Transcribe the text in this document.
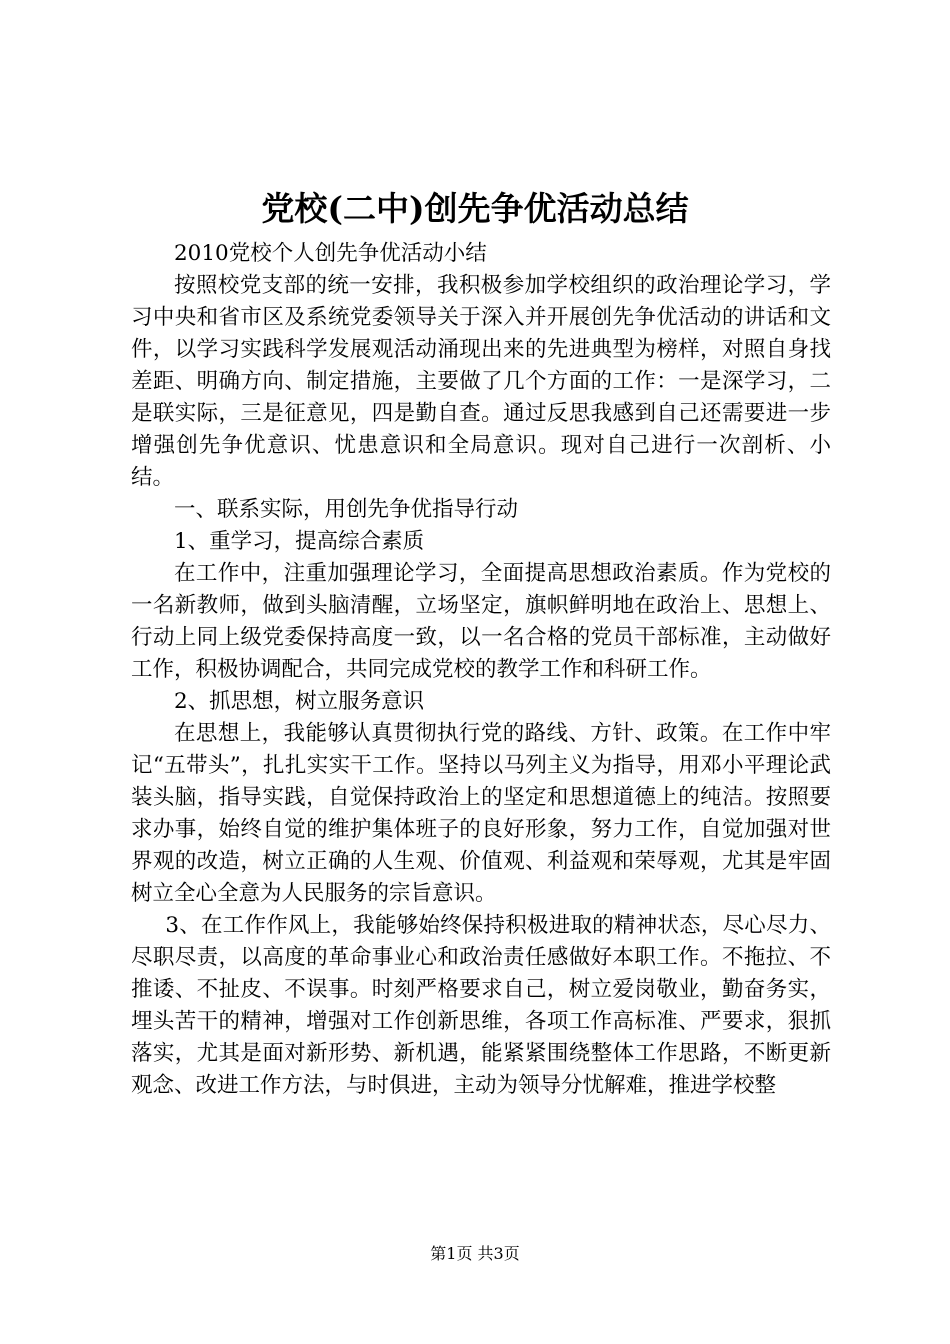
党校(二中)创先争优活动总结

2010党校个人创先争优活动小结

按照校党支部的统一安排，我积极参加学校组织的政治理论学习，学习中央和省市区及系统党委领导关于深入并开展创先争优活动的讲话和文件，以学习实践科学发展观活动涌现出来的先进典型为榜样，对照自身找差距、明确方向、制定措施，主要做了几个方面的工作：一是深学习，二是联实际，三是征意见，四是勤自查。通过反思我感到自己还需要进一步增强创先争优意识、忧患意识和全局意识。现对自己进行一次剖析、小结。

一、联系实际，用创先争优指导行动

1、重学习，提高综合素质

在工作中，注重加强理论学习，全面提高思想政治素质。作为党校的一名新教师，做到头脑清醒，立场坚定，旗帜鲜明地在政治上、思想上、行动上同上级党委保持高度一致，以一名合格的党员干部标准，主动做好工作，积极协调配合，共同完成党校的教学工作和科研工作。

2、抓思想，树立服务意识

在思想上，我能够认真贯彻执行党的路线、方针、政策。在工作中牢记“五带头”，扎扎实实干工作。坚持以马列主义为指导，用邓小平理论武装头脑，指导实践，自觉保持政治上的坚定和思想道德上的纯洁。按照要求办事，始终自觉的维护集体班子的良好形象，努力工作，自觉加强对世界观的改造，树立正确的人生观、价值观、利益观和荣辱观，尤其是牢固树立全心全意为人民服务的宗旨意识。

3、在工作作风上，我能够始终保持积极进取的精神状态，尽心尽力、尽职尽责，以高度的革命事业心和政治责任感做好本职工作。不拖拉、不推诿、不扯皮、不误事。时刻严格要求自己，树立爱岗敬业，勤奋务实，埋头苦干的精神，增强对工作创新思维，各项工作高标准、严要求，狠抓落实，尤其是面对新形势、新机遇，能紧紧围绕整体工作思路，不断更新观念、改进工作方法，与时俱进，主动为领导分忧解难，推进学校整

第1页 共3页
